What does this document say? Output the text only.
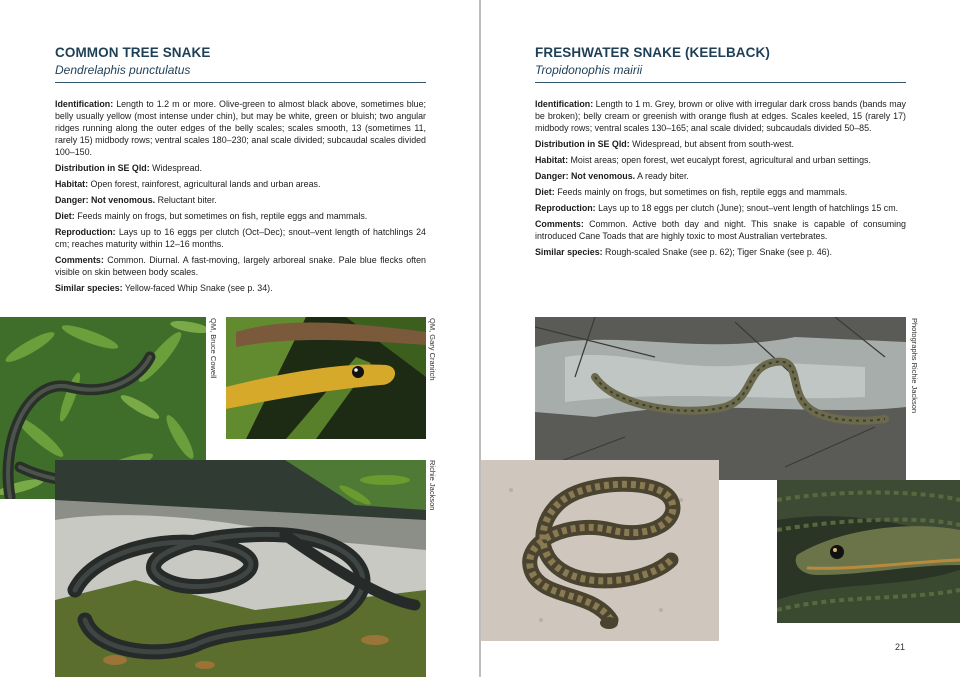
COMMON TREE SNAKE
Dendrelaphis punctulatus

Identification: Length to 1.2 m or more. Olive-green to almost black above, sometimes blue; belly usually yellow (most intense under chin), but may be white, green or bluish; two angular ridges running along the outer edges of the belly scales; scales smooth, 13 (sometimes 11, rarely 15) midbody rows; ventral scales 180–230; anal scale divided; subcaudal scales divided 100–150.

Distribution in SE Qld: Widespread.

Habitat: Open forest, rainforest, agricultural lands and urban areas.

Danger: Not venomous. Reluctant biter.

Diet: Feeds mainly on frogs, but sometimes on fish, reptile eggs and mammals.

Reproduction: Lays up to 16 eggs per clutch (Oct–Dec); snout–vent length of hatchlings 24 cm; reaches maturity within 12–16 months.

Comments: Common. Diurnal. A fast-moving, largely arboreal snake. Pale blue flecks often visible on skin between body scales.

Similar species: Yellow-faced Whip Snake (see p. 34).

QM, Bruce Cowell	QM, Gary Cranitch
Richie Jackson
FRESHWATER SNAKE (KEELBACK)
Tropidonophis mairii

Identification: Length to 1 m. Grey, brown or olive with irregular dark cross bands (bands may be broken); belly cream or greenish with orange flush at edges. Scales keeled, 15 (rarely 17) midbody rows; ventral scales 130–165; anal scale divided; subcaudals divided 50–85.

Distribution in SE Qld: Widespread, but absent from south-west.

Habitat: Moist areas; open forest, wet eucalypt forest, agricultural and urban settings.

Danger: Not venomous. A ready biter.

Diet: Feeds mainly on frogs, but sometimes on fish, reptile eggs and mammals.

Reproduction: Lays up to 18 eggs per clutch (June); snout–vent length of hatchlings 15 cm.

Comments: Common. Active both day and night. This snake is capable of consuming introduced Cane Toads that are highly toxic to most Australian vertebrates.

Similar species: Rough-scaled Snake (see p. 62); Tiger Snake (see p. 46).

Photographs Richie Jackson
21
